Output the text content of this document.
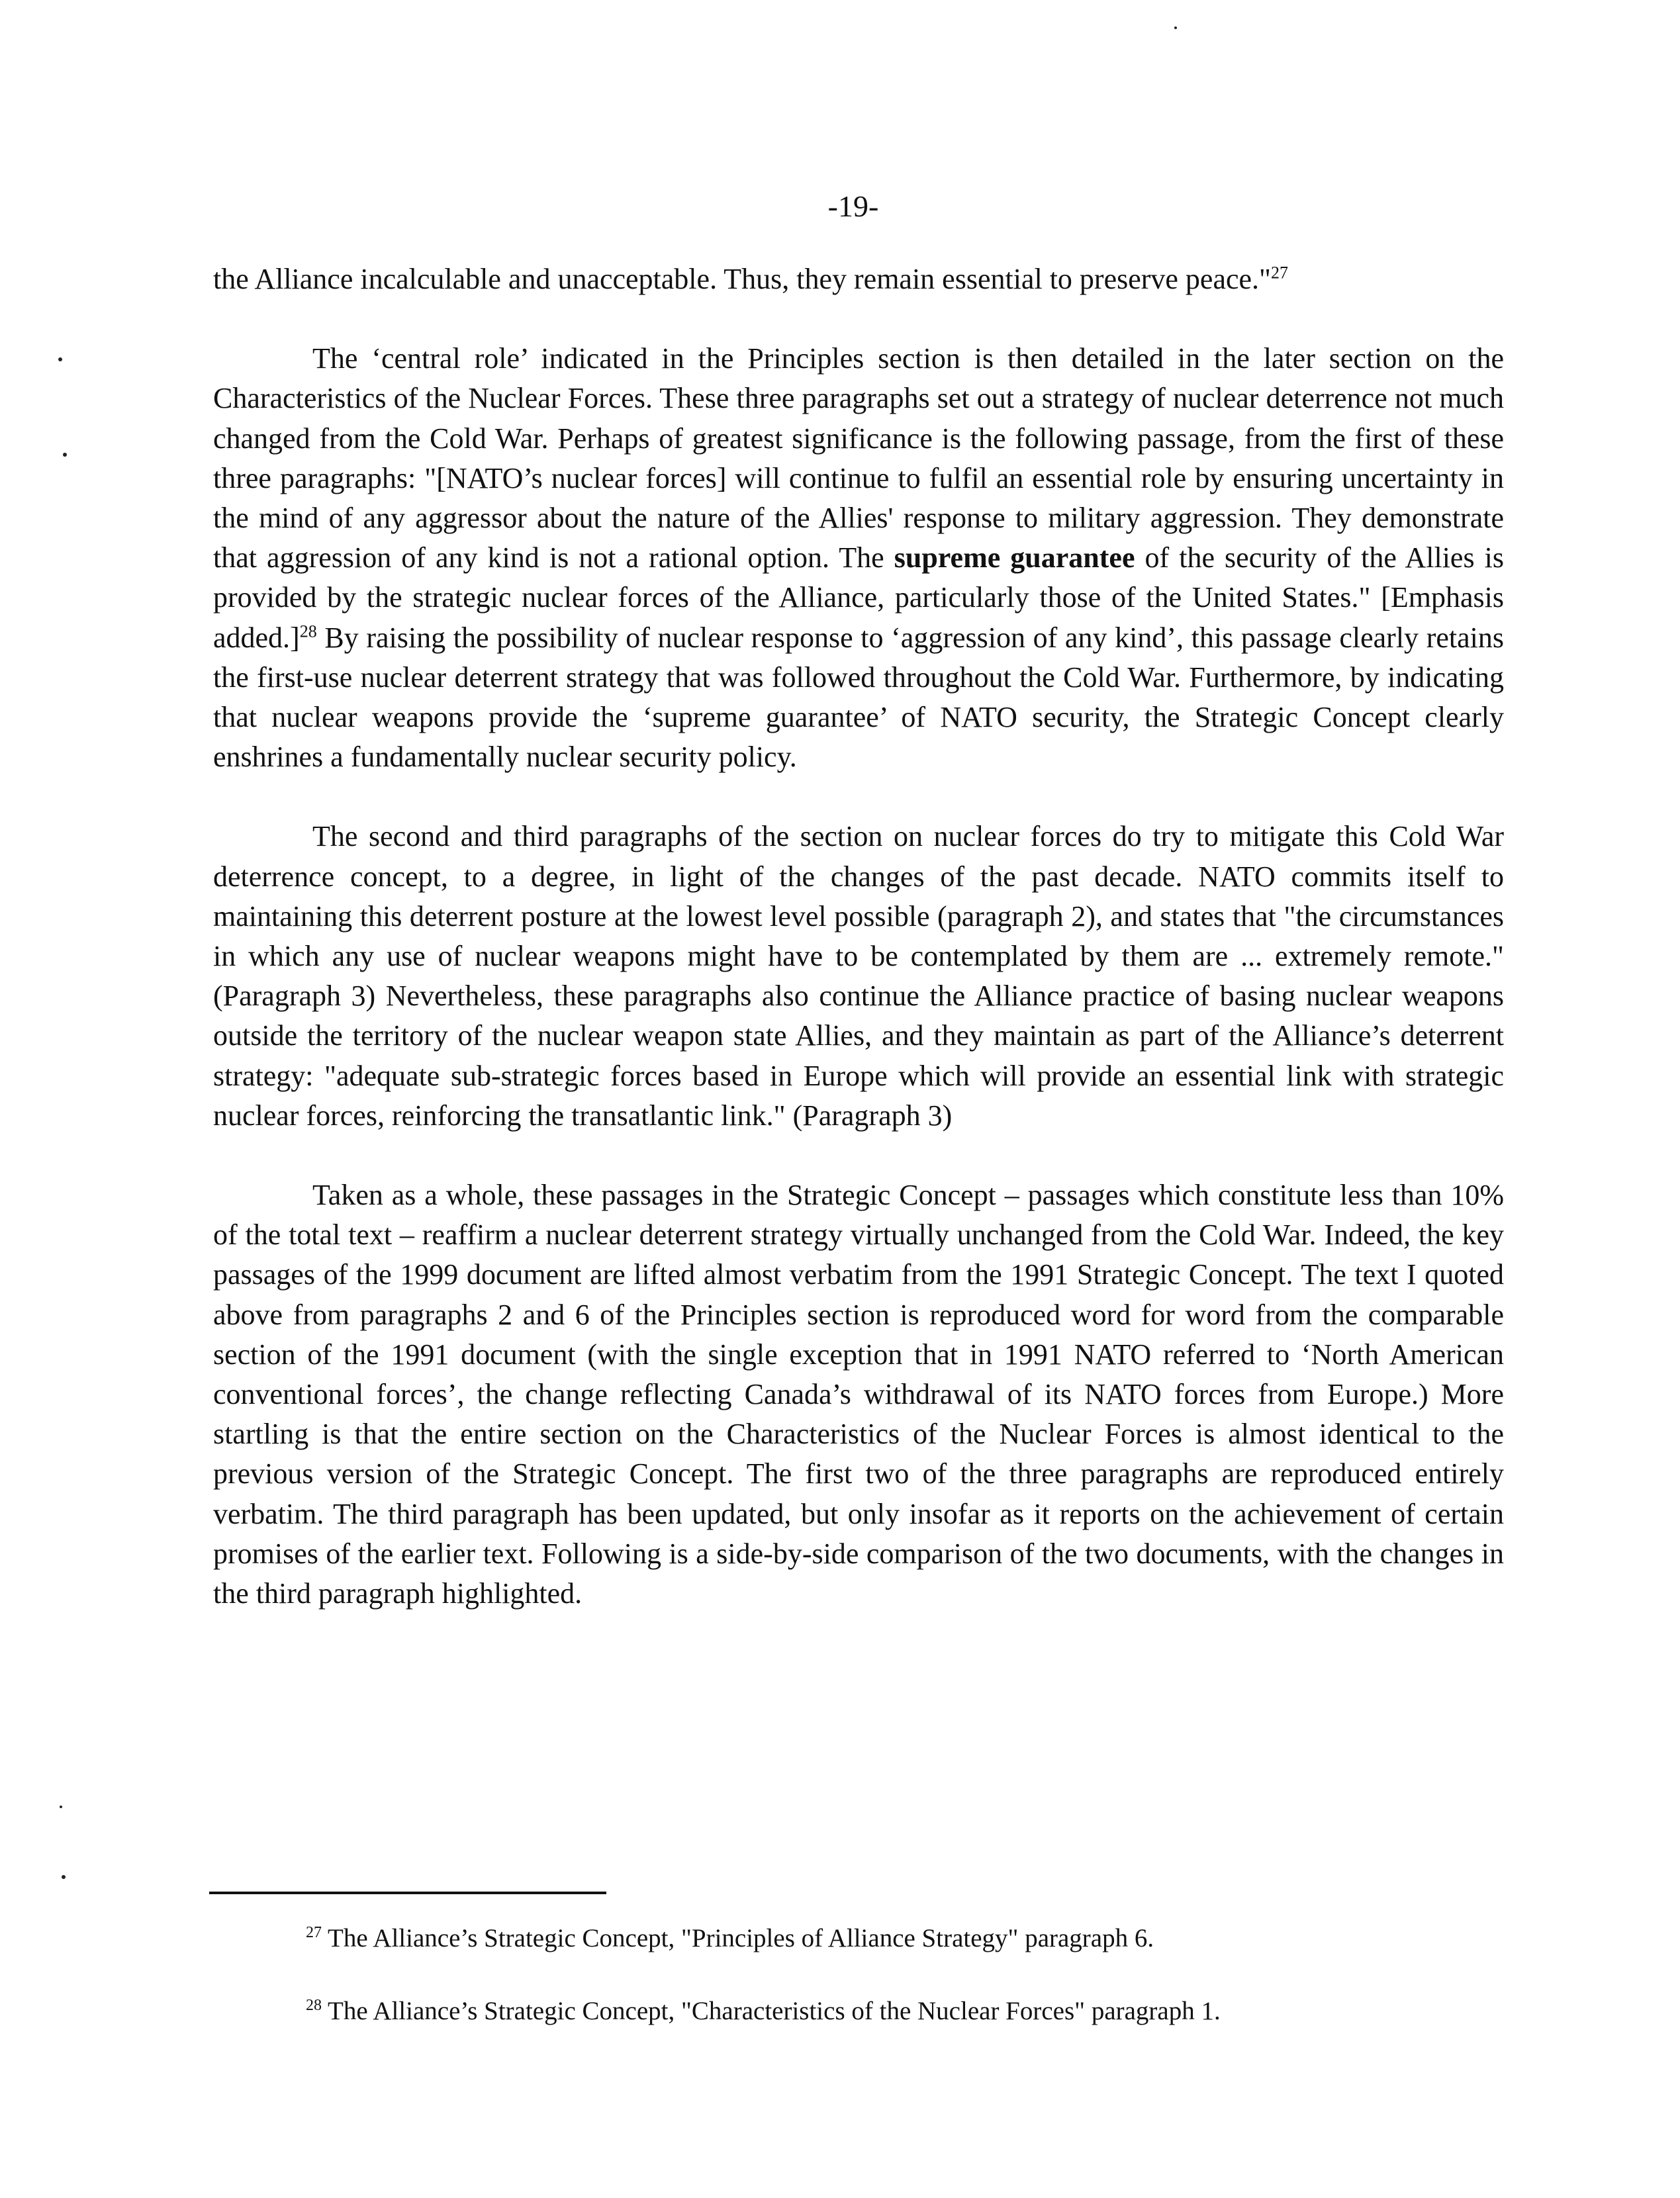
-19-

the Alliance incalculable and unacceptable. Thus, they remain essential to preserve peace."$^{27}$

The ‘central role’ indicated in the Principles section is then detailed in the later section on the Characteristics of the Nuclear Forces. These three paragraphs set out a strategy of nuclear deterrence not much changed from the Cold War. Perhaps of greatest significance is the following passage, from the first of these three paragraphs: "[NATO’s nuclear forces] will continue to fulfil an essential role by ensuring uncertainty in the mind of any aggressor about the nature of the Allies' response to military aggression. They demonstrate that aggression of any kind is not a rational option. The supreme guarantee of the security of the Allies is provided by the strategic nuclear forces of the Alliance, particularly those of the United States." [Emphasis added.]$^{28}$ By raising the possibility of nuclear response to ‘aggression of any kind’, this passage clearly retains the first-use nuclear deterrent strategy that was followed throughout the Cold War. Furthermore, by indicating that nuclear weapons provide the ‘supreme guarantee’ of NATO security, the Strategic Concept clearly enshrines a fundamentally nuclear security policy.

The second and third paragraphs of the section on nuclear forces do try to mitigate this Cold War deterrence concept, to a degree, in light of the changes of the past decade. NATO commits itself to maintaining this deterrent posture at the lowest level possible (paragraph 2), and states that "the circumstances in which any use of nuclear weapons might have to be contemplated by them are ... extremely remote." (Paragraph 3) Nevertheless, these paragraphs also continue the Alliance practice of basing nuclear weapons outside the territory of the nuclear weapon state Allies, and they maintain as part of the Alliance’s deterrent strategy: "adequate sub-strategic forces based in Europe which will provide an essential link with strategic nuclear forces, reinforcing the transatlantic link." (Paragraph 3)

Taken as a whole, these passages in the Strategic Concept – passages which constitute less than 10% of the total text – reaffirm a nuclear deterrent strategy virtually unchanged from the Cold War. Indeed, the key passages of the 1999 document are lifted almost verbatim from the 1991 Strategic Concept. The text I quoted above from paragraphs 2 and 6 of the Principles section is reproduced word for word from the comparable section of the 1991 document (with the single exception that in 1991 NATO referred to ‘North American conventional forces’, the change reflecting Canada’s withdrawal of its NATO forces from Europe.) More startling is that the entire section on the Characteristics of the Nuclear Forces is almost identical to the previous version of the Strategic Concept. The first two of the three paragraphs are reproduced entirely verbatim. The third paragraph has been updated, but only insofar as it reports on the achievement of certain promises of the earlier text. Following is a side-by-side comparison of the two documents, with the changes in the third paragraph highlighted.

$^{27}$ The Alliance’s Strategic Concept, "Principles of Alliance Strategy" paragraph 6.
$^{28}$ The Alliance’s Strategic Concept, "Characteristics of the Nuclear Forces" paragraph 1.
